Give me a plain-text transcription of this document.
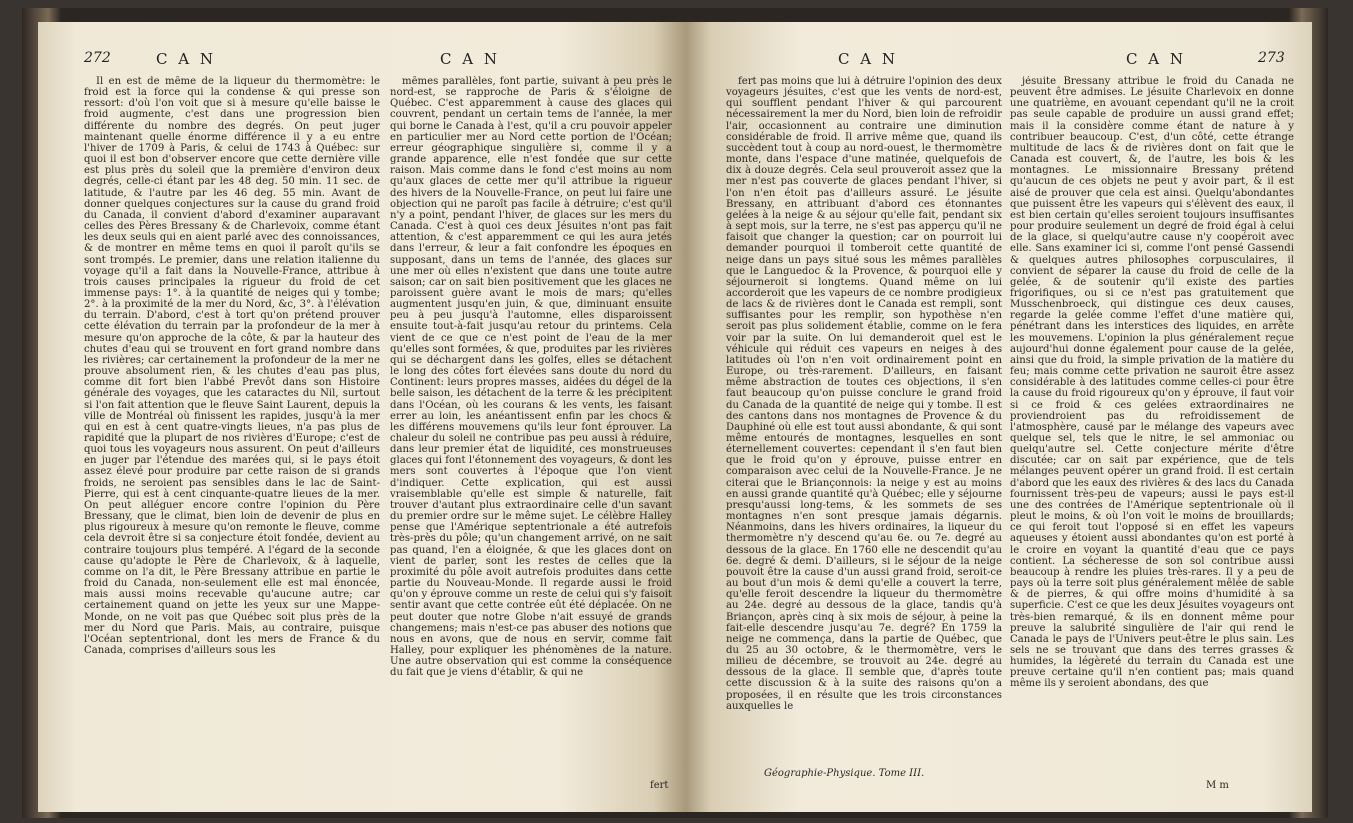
272	C A N	C A N

Il en est de même de la liqueur du thermomètre: le froid est la force qui la condense & qui presse son ressort: d'où l'on voit que si à mesure qu'elle baisse le froid augmente, c'est dans une progression bien différente du nombre des degrés. On peut juger maintenant quelle énorme différence il y a eu entre l'hiver de 1709 à Paris, & celui de 1743 à Québec: sur quoi il est bon d'observer encore que cette dernière ville est plus près du soleil que la première d'environ deux degrés, celle-ci étant par les 48 deg. 50 min. 11 sec. de latitude, & l'autre par les 46 deg. 55 min. Avant de donner quelques conjectures sur la cause du grand froid du Canada, il convient d'abord d'examiner auparavant celles des Pères Bressany & de Charlevoix, comme étant les deux seuls qui en aient parlé avec des connoissances, & de montrer en même tems en quoi il paroît qu'ils se sont trompés. Le premier, dans une relation italienne du voyage qu'il a fait dans la Nouvelle-France, attribue à trois causes principales la rigueur du froid de cet immense pays: 1°. à la quantité de neiges qui y tombe; 2°. à la proximité de la mer du Nord, &c, 3°. à l'élévation du terrain. D'abord, c'est à tort qu'on prétend prouver cette élévation du terrain par la profondeur de la mer à mesure qu'on approche de la côte, & par la hauteur des chutes d'eau qui se trouvent en fort grand nombre dans les rivières; car certainement la profondeur de la mer ne prouve absolument rien, & les chutes d'eau pas plus, comme dit fort bien l'abbé Prevôt dans son Histoire générale des voyages, que les cataractes du Nil, surtout si l'on fait attention que le fleuve Saint Laurent, depuis la ville de Montréal où finissent les rapides, jusqu'à la mer qui en est à cent quatre-vingts lieues, n'a pas plus de rapidité que la plupart de nos rivières d'Europe; c'est de quoi tous les voyageurs nous assurent. On peut d'ailleurs en juger par l'étendue des marées qui, si le pays étoit assez élevé pour produire par cette raison de si grands froids, ne seroient pas sensibles dans le lac de Saint-Pierre, qui est à cent cinquante-quatre lieues de la mer. On peut alléguer encore contre l'opinion du Père Bressany, que le climat, bien loin de devenir de plus en plus rigoureux à mesure qu'on remonte le fleuve, comme cela devroit être si sa conjecture étoit fondée, devient au contraire toujours plus tempéré. A l'égard de la seconde cause qu'adopte le Père de Charlevoix, & à laquelle, comme on l'a dit, le Père Bressany attribue en partie le froid du Canada, non-seulement elle est mal énoncée, mais aussi moins recevable qu'aucune autre; car certainement quand on jette les yeux sur une Mappe-Monde, on ne voit pas que Québec soit plus près de la mer du Nord que Paris. Mais, au contraire, puisque l'Océan septentrional, dont les mers de France & du Canada, comprises d'ailleurs sous les

mêmes parallèles, font partie, suivant à peu près le nord-est, se rapproche de Paris & s'éloigne de Québec. C'est apparemment à cause des glaces qui couvrent, pendant un certain tems de l'année, la mer qui borne le Canada à l'est, qu'il a cru pouvoir appeler en particulier mer au Nord cette portion de l'Océan; erreur géographique singulière si, comme il y a grande apparence, elle n'est fondée que sur cette raison. Mais comme dans le fond c'est moins au nom qu'aux glaces de cette mer qu'il attribue la rigueur des hivers de la Nouvelle-France, on peut lui faire une objection qui ne paroît pas facile à détruire; c'est qu'il n'y a point, pendant l'hiver, de glaces sur les mers du Canada. C'est à quoi ces deux Jésuites n'ont pas fait attention, & c'est apparemment ce qui les aura jetés dans l'erreur, & leur a fait confondre les époques en supposant, dans un tems de l'année, des glaces sur une mer où elles n'existent que dans une toute autre saison; car on sait bien positivement que les glaces ne paroissent guère avant le mois de mars; qu'elles augmentent jusqu'en juin, & que, diminuant ensuite peu à peu jusqu'à l'automne, elles disparoissent ensuite tout-à-fait jusqu'au retour du printems. Cela vient de ce que ce n'est point de l'eau de la mer qu'elles sont formées, & que, produites par les rivières qui se déchargent dans les golfes, elles se détachent le long des côtes fort élevées sans doute du nord du Continent: leurs propres masses, aidées du dégel de la belle saison, les détachent de la terre & les précipitent dans l'Océan, où les courans & les vents, les faisant errer au loin, les anéantissent enfin par les chocs & les différens mouvemens qu'ils leur font éprouver. La chaleur du soleil ne contribue pas peu aussi à réduire, dans leur premier état de liquidité, ces monstrueuses glaces qui font l'étonnement des voyageurs, & dont les mers sont couvertes à l'époque que l'on vient d'indiquer. Cette explication, qui est aussi vraisemblable qu'elle est simple & naturelle, fait trouver d'autant plus extraordinaire celle d'un savant du premier ordre sur le même sujet. Le célèbre Halley pense que l'Amérique septentrionale a été autrefois très-près du pôle; qu'un changement arrivé, on ne sait pas quand, l'en a éloignée, & que les glaces dont on vient de parler, sont les restes de celles que la proximité du pôle avoit autrefois produites dans cette partie du Nouveau-Monde. Il regarde aussi le froid qu'on y éprouve comme un reste de celui qui s'y faisoit sentir avant que cette contrée eût été déplacée. On ne peut douter que notre Globe n'ait essuyé de grands changemens; mais n'est-ce pas abuser des notions que nous en avons, que de nous en servir, comme fait Halley, pour expliquer les phénomènes de la nature. Une autre observation qui est comme la conséquence du fait que je viens d'établir, & qui ne

fert
C A N	C A N	273

fert pas moins que lui à détruire l'opinion des deux voyageurs jésuites, c'est que les vents de nord-est, qui soufflent pendant l'hiver & qui parcourent nécessairement la mer du Nord, bien loin de refroidir l'air, occasionnent au contraire une diminution considérable de froid. Il arrive même que, quand ils succèdent tout à coup au nord-ouest, le thermomètre monte, dans l'espace d'une matinée, quelquefois de dix à douze degrés. Cela seul prouveroit assez que la mer n'est pas couverte de glaces pendant l'hiver, si l'on n'en étoit pas d'ailleurs assuré. Le jésuite Bressany, en attribuant d'abord ces étonnantes gelées à la neige & au séjour qu'elle fait, pendant six à sept mois, sur la terre, ne s'est pas apperçu qu'il ne faisoit que changer la question; car on pourroit lui demander pourquoi il tomberoit cette quantité de neige dans un pays situé sous les mêmes parallèles que le Languedoc & la Provence, & pourquoi elle y séjourneroit si longtems. Quand même on lui accorderoit que les vapeurs de ce nombre prodigieux de lacs & de rivières dont le Canada est rempli, sont suffisantes pour les remplir, son hypothèse n'en seroit pas plus solidement établie, comme on le fera voir par la suite. On lui demanderoit quel est le véhicule qui réduit ces vapeurs en neiges à des latitudes où l'on n'en voit ordinairement point en Europe, ou très-rarement. D'ailleurs, en faisant même abstraction de toutes ces objections, il s'en faut beaucoup qu'on puisse conclure le grand froid du Canada de la quantité de neige qui y tombe. Il est des cantons dans nos montagnes de Provence & du Dauphiné où elle est tout aussi abondante, & qui sont même entourés de montagnes, lesquelles en sont éternellement couvertes: cependant il s'en faut bien que le froid qu'on y éprouve, puisse entrer en comparaison avec celui de la Nouvelle-France. Je ne citerai que le Briançonnois: la neige y est au moins en aussi grande quantité qu'à Québec; elle y séjourne presqu'aussi long-tems, & les sommets de ses montagnes n'en sont presque jamais dégarnis. Néanmoins, dans les hivers ordinaires, la liqueur du thermomètre n'y descend qu'au 6e. ou 7e. degré au dessous de la glace. En 1760 elle ne descendit qu'au 6e. degré & demi. D'ailleurs, si le séjour de la neige pouvoit être la cause d'un aussi grand froid, seroit-ce au bout d'un mois & demi qu'elle a couvert la terre, qu'elle feroit descendre la liqueur du thermomètre au 24e. degré au dessous de la glace, tandis qu'à Briançon, après cinq à six mois de séjour, à peine la fait-elle descendre jusqu'au 7e. degré? En 1759 la neige ne commença, dans la partie de Québec, que du 25 au 30 octobre, & le thermomètre, vers le milieu de décembre, se trouvoit au 24e. degré au dessous de la glace. Il semble que, d'après toute cette discussion & à la suite des raisons qu'on a proposées, il en résulte que les trois circonstances auxquelles le

jésuite Bressany attribue le froid du Canada ne peuvent être admises. Le jésuite Charlevoix en donne une quatrième, en avouant cependant qu'il ne la croit pas seule capable de produire un aussi grand effet; mais il la considère comme étant de nature à y contribuer beaucoup. C'est, d'un côté, cette étrange multitude de lacs & de rivières dont on fait que le Canada est couvert, &, de l'autre, les bois & les montagnes. Le missionnaire Bressany prétend qu'aucun de ces objets ne peut y avoir part, & il est aisé de prouver que cela est ainsi. Quelqu'abondantes que puissent être les vapeurs qui s'élèvent des eaux, il est bien certain qu'elles seroient toujours insuffisantes pour produire seulement un degré de froid égal à celui de la glace, si quelqu'autre cause n'y coopéroit avec elle. Sans examiner ici si, comme l'ont pensé Gassendi & quelques autres philosophes corpusculaires, il convient de séparer la cause du froid de celle de la gelée, & de soutenir qu'il existe des parties frigorifiques, ou si ce n'est pas gratuitement que Musschenbroeck, qui distingue ces deux causes, regarde la gelée comme l'effet d'une matière qui, pénétrant dans les interstices des liquides, en arrête les mouvemens. L'opinion la plus généralement reçue aujourd'hui donne également pour cause de la gelée, ainsi que du froid, la simple privation de la matière du feu; mais comme cette privation ne sauroit être assez considérable à des latitudes comme celles-ci pour être la cause du froid rigoureux qu'on y éprouve, il faut voir si ce froid & ces gelées extraordinaires ne proviendroient pas du refroidissement de l'atmosphère, causé par le mélange des vapeurs avec quelque sel, tels que le nitre, le sel ammoniac ou quelqu'autre sel. Cette conjecture mérite d'être discutée; car on sait par expérience, que de tels mélanges peuvent opérer un grand froid. Il est certain d'abord que les eaux des rivières & des lacs du Canada fournissent très-peu de vapeurs; aussi le pays est-il une des contrées de l'Amérique septentrionale où il pleut le moins, & où l'on voit le moins de brouillards; ce qui feroit tout l'opposé si en effet les vapeurs aqueuses y étoient aussi abondantes qu'on est porté à le croire en voyant la quantité d'eau que ce pays contient. La sécheresse de son sol contribue aussi beaucoup à rendre les pluies très-rares. Il y a peu de pays où la terre soit plus généralement mêlée de sable & de pierres, & qui offre moins d'humidité à sa superficie. C'est ce que les deux Jésuites voyageurs ont très-bien remarqué, & ils en donnent même pour preuve la salubrité singulière de l'air qui rend le Canada le pays de l'Univers peut-être le plus sain. Les sels ne se trouvant que dans des terres grasses & humides, la légèreté du terrain du Canada est une preuve certaine qu'il n'en contient pas; mais quand même ils y seroient abondans, des que

Géographie-Physique. Tome III.
M m
